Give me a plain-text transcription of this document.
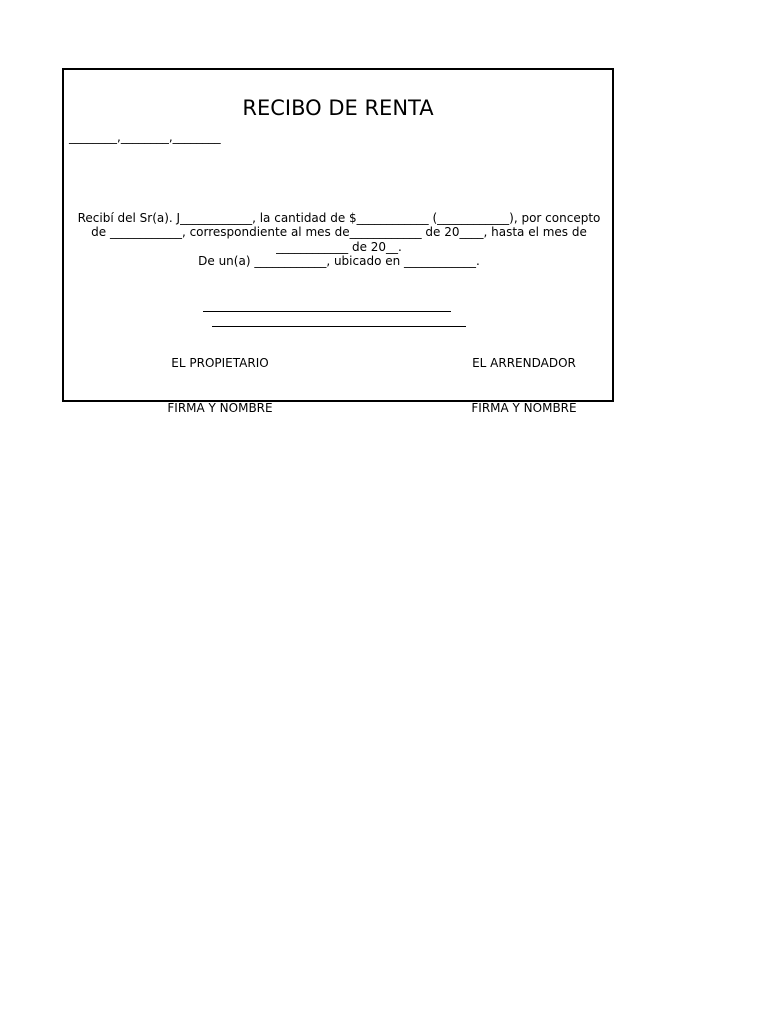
RECIBO DE RENTA
________,________,________
Recibí del Sr(a). J____________, la cantidad de $____________ (____________), por concepto
de ____________, correspondiente al mes de____________ de 20____, hasta el mes de
____________ de 20__.
De un(a) ____________, ubicado en ____________.

EL PROPIETARIO

FIRMA Y NOMBRE

EL ARRENDADOR

FIRMA Y NOMBRE
